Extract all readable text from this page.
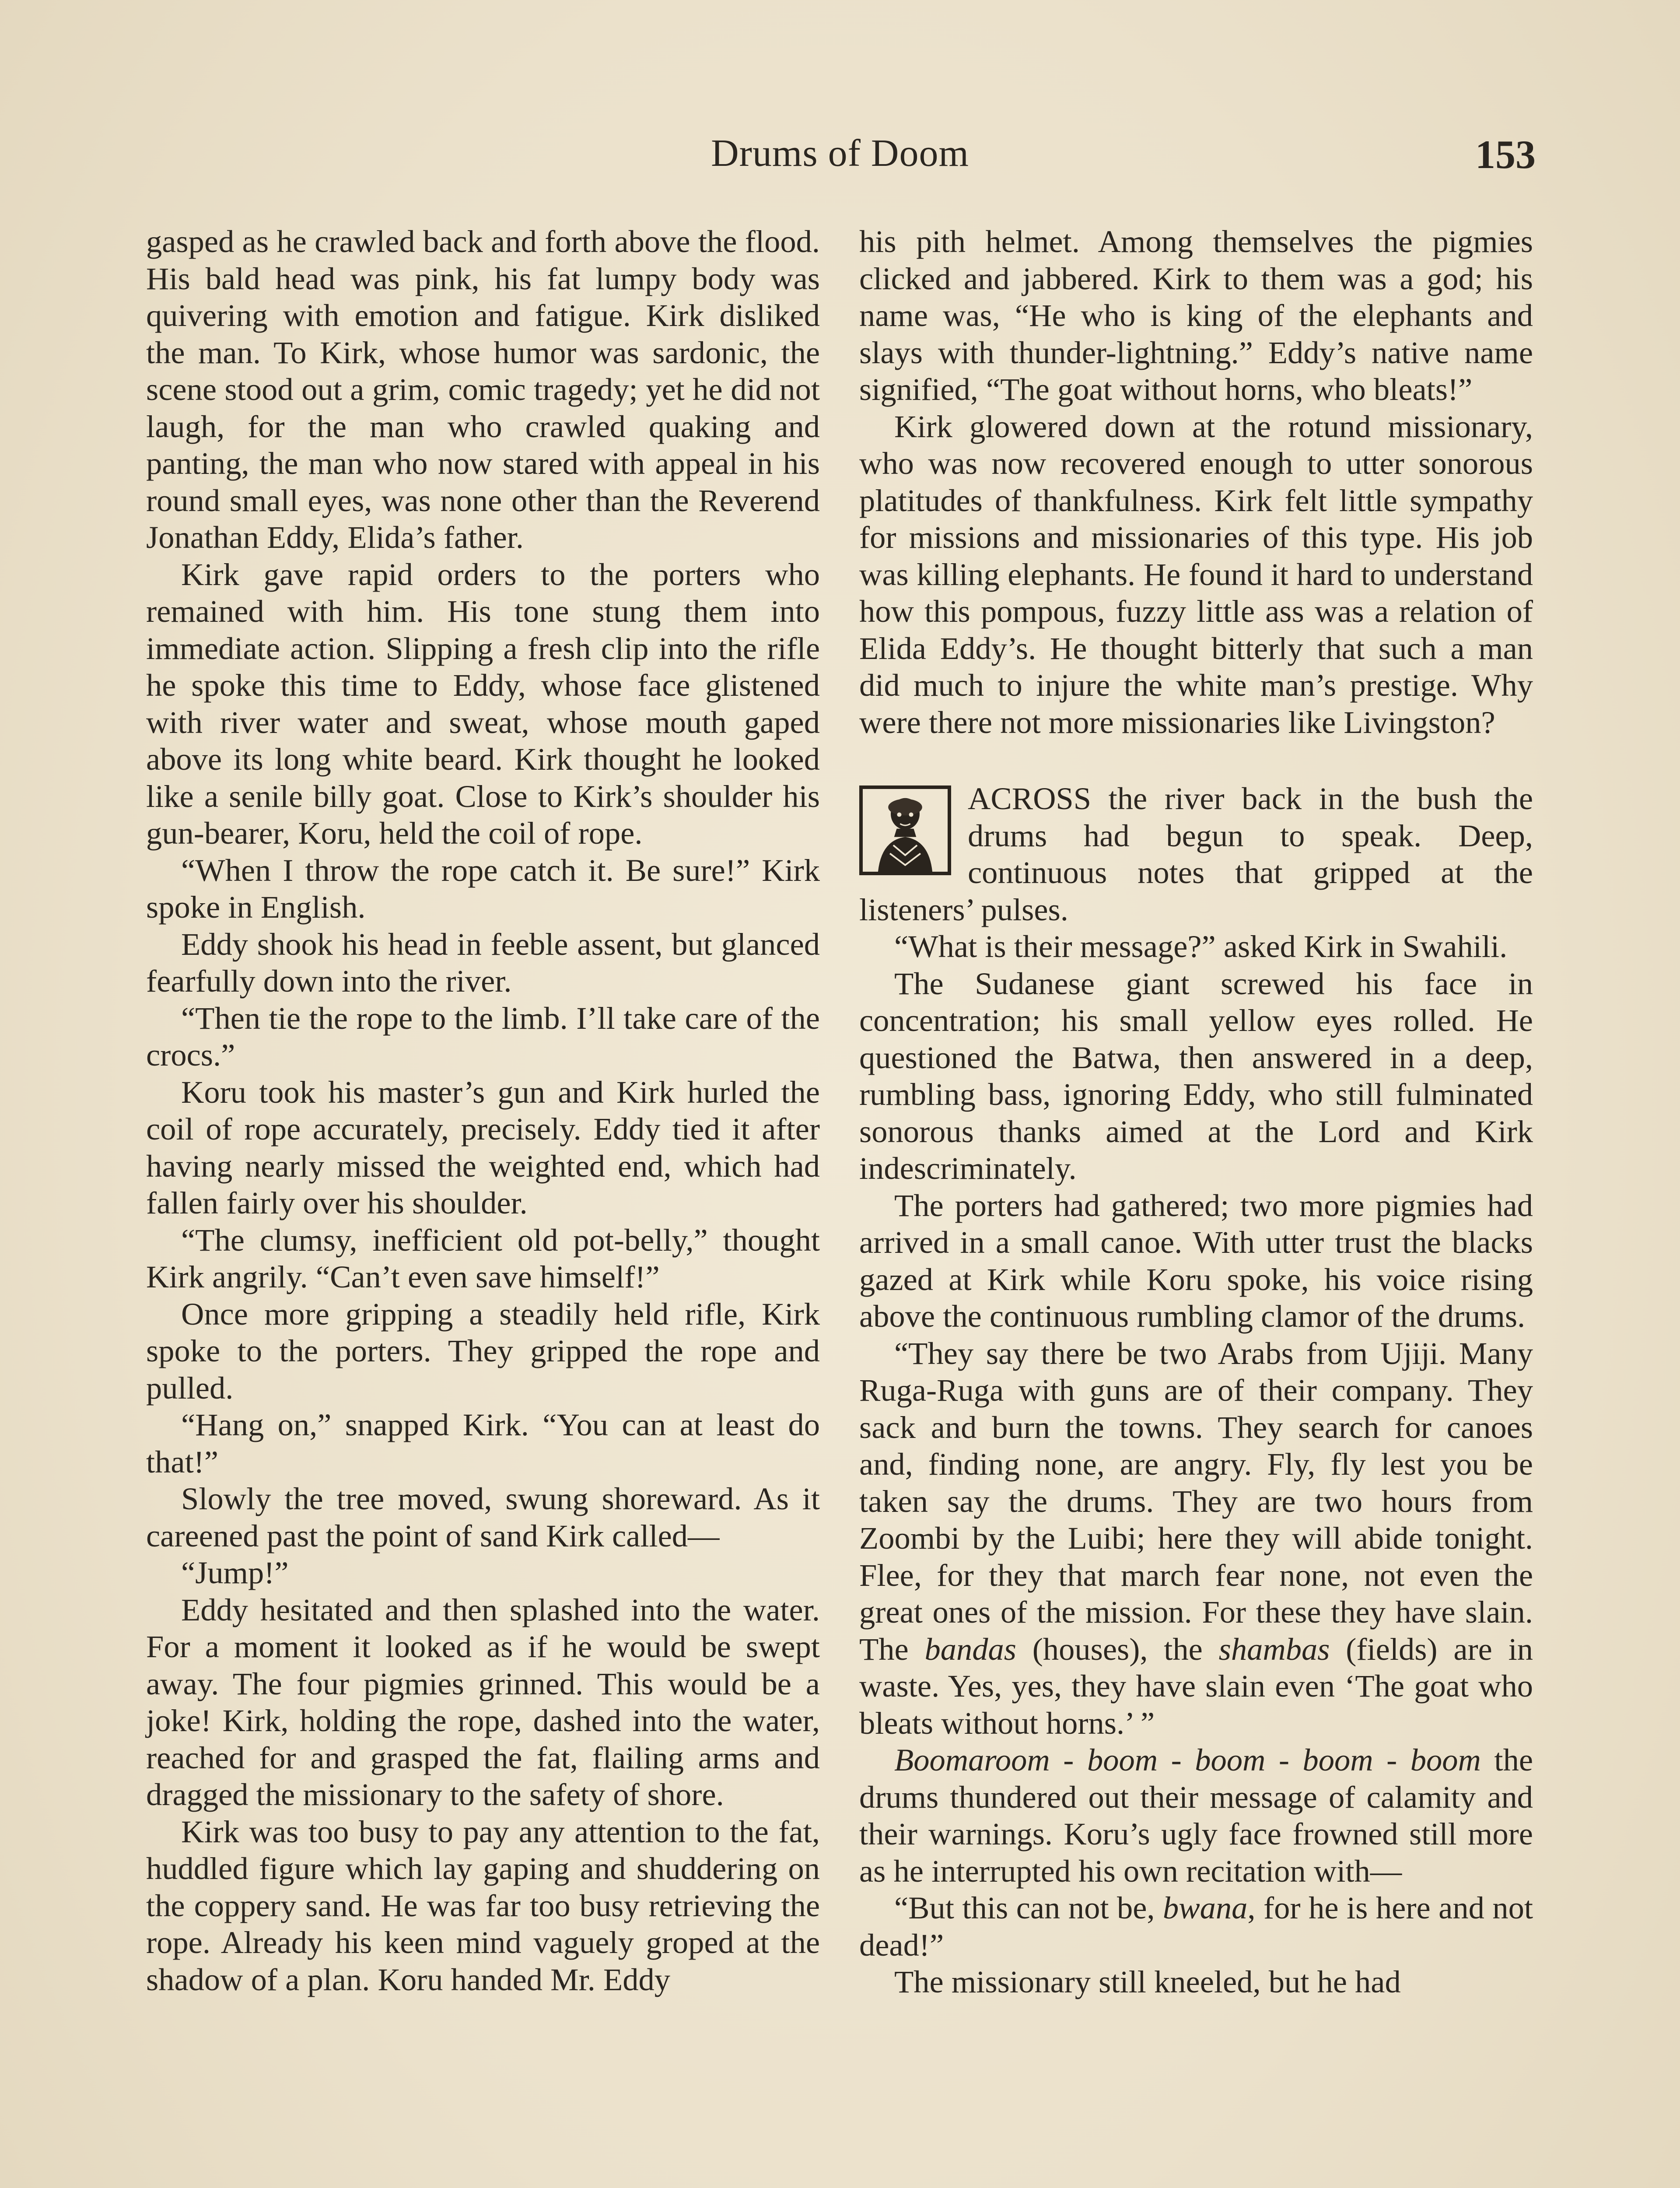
Drums of Doom	153

gasped as he crawled back and forth above the flood. His bald head was pink, his fat lumpy body was quivering with emotion and fatigue. Kirk disliked the man. To Kirk, whose humor was sardonic, the scene stood out a grim, comic tragedy; yet he did not laugh, for the man who crawled quaking and panting, the man who now stared with appeal in his round small eyes, was none other than the Reverend Jonathan Eddy, Elida’s father.

Kirk gave rapid orders to the porters who remained with him. His tone stung them into immediate action. Slipping a fresh clip into the rifle he spoke this time to Eddy, whose face glistened with river water and sweat, whose mouth gaped above its long white beard. Kirk thought he looked like a senile billy goat. Close to Kirk’s shoulder his gun-bearer, Koru, held the coil of rope.

“When I throw the rope catch it. Be sure!” Kirk spoke in English.

Eddy shook his head in feeble assent, but glanced fearfully down into the river.

“Then tie the rope to the limb. I’ll take care of the crocs.”

Koru took his master’s gun and Kirk hurled the coil of rope accurately, precisely. Eddy tied it after having nearly missed the weighted end, which had fallen fairly over his shoulder.

“The clumsy, inefficient old pot-belly,” thought Kirk angrily. “Can’t even save himself!”

Once more gripping a steadily held rifle, Kirk spoke to the porters. They gripped the rope and pulled.

“Hang on,” snapped Kirk. “You can at least do that!”

Slowly the tree moved, swung shoreward. As it careened past the point of sand Kirk called—

“Jump!”

Eddy hesitated and then splashed into the water. For a moment it looked as if he would be swept away. The four pigmies grinned. This would be a joke! Kirk, holding the rope, dashed into the water, reached for and grasped the fat, flailing arms and dragged the missionary to the safety of shore.

Kirk was too busy to pay any attention to the fat, huddled figure which lay gaping and shuddering on the coppery sand. He was far too busy retrieving the rope. Already his keen mind vaguely groped at the shadow of a plan. Koru handed Mr. Eddy

his pith helmet. Among themselves the pigmies clicked and jabbered. Kirk to them was a god; his name was, “He who is king of the elephants and slays with thunder-lightning.” Eddy’s native name signified, “The goat without horns, who bleats!”

Kirk glowered down at the rotund missionary, who was now recovered enough to utter sonorous platitudes of thankfulness. Kirk felt little sympathy for missions and missionaries of this type. His job was killing elephants. He found it hard to understand how this pompous, fuzzy little ass was a relation of Elida Eddy’s. He thought bitterly that such a man did much to injure the white man’s prestige. Why were there not more missionaries like Livingston?

ACROSS the river back in the bush the drums had begun to speak. Deep, continuous notes that gripped at the listeners’ pulses.

“What is their message?” asked Kirk in Swahili.

The Sudanese giant screwed his face in concentration; his small yellow eyes rolled. He questioned the Batwa, then answered in a deep, rumbling bass, ignoring Eddy, who still fulminated sonorous thanks aimed at the Lord and Kirk indescriminately.

The porters had gathered; two more pigmies had arrived in a small canoe. With utter trust the blacks gazed at Kirk while Koru spoke, his voice rising above the continuous rumbling clamor of the drums.

“They say there be two Arabs from Ujiji. Many Ruga-Ruga with guns are of their company. They sack and burn the towns. They search for canoes and, finding none, are angry. Fly, fly lest you be taken say the drums. They are two hours from Zoombi by the Luibi; here they will abide tonight. Flee, for they that march fear none, not even the great ones of the mission. For these they have slain. The bandas (houses), the shambas (fields) are in waste. Yes, yes, they have slain even ‘The goat who bleats without horns.’ ”

Boomaroom - boom - boom - boom - boom the drums thundered out their message of calamity and their warnings. Koru’s ugly face frowned still more as he interrupted his own recitation with—

“But this can not be, bwana, for he is here and not dead!”

The missionary still kneeled, but he had
